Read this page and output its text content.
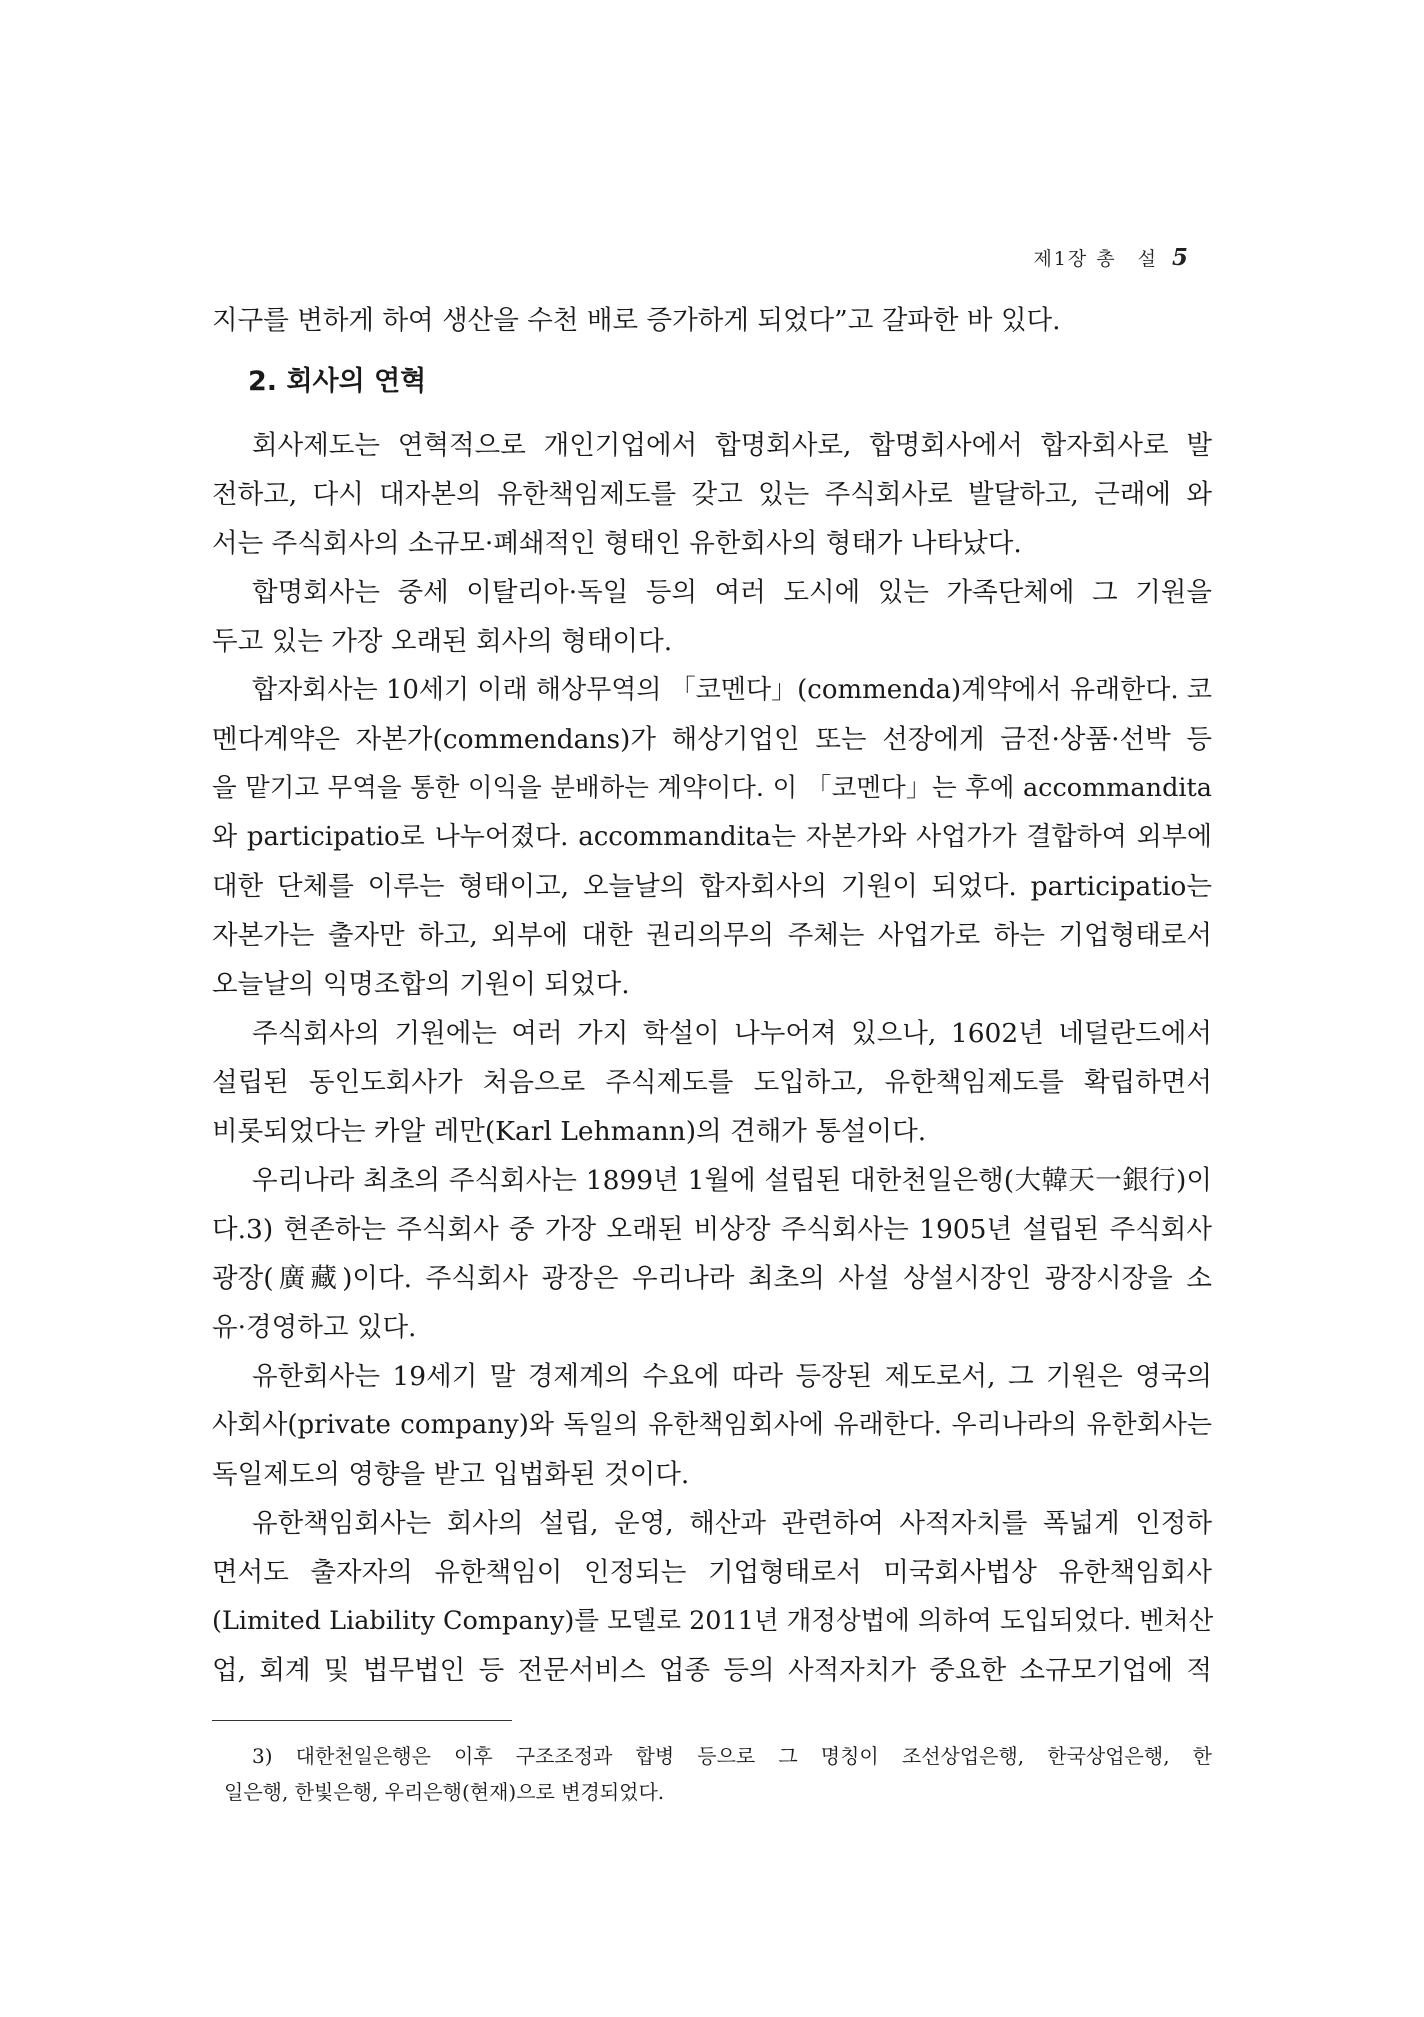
제1장 총　설 5
지구를 변하게 하여 생산을 수천 배로 증가하게 되었다”고 갈파한 바 있다.
2. 회사의 연혁
회사제도는 연혁적으로 개인기업에서 합명회사로, 합명회사에서 합자회사로 발
전하고, 다시 대자본의 유한책임제도를 갖고 있는 주식회사로 발달하고, 근래에 와
서는 주식회사의 소규모·폐쇄적인 형태인 유한회사의 형태가 나타났다.
합명회사는 중세 이탈리아·독일 등의 여러 도시에 있는 가족단체에 그 기원을
두고 있는 가장 오래된 회사의 형태이다.
합자회사는 10세기 이래 해상무역의 「코멘다」(commenda)계약에서 유래한다. 코
멘다계약은 자본가(commendans)가 해상기업인 또는 선장에게 금전·상품·선박 등
을 맡기고 무역을 통한 이익을 분배하는 계약이다. 이 「코멘다」는 후에 accommandita
와 participatio로 나누어졌다. accommandita는 자본가와 사업가가 결합하여 외부에
대한 단체를 이루는 형태이고, 오늘날의 합자회사의 기원이 되었다. participatio는
자본가는 출자만 하고, 외부에 대한 권리의무의 주체는 사업가로 하는 기업형태로서
오늘날의 익명조합의 기원이 되었다.
주식회사의 기원에는 여러 가지 학설이 나누어져 있으나, 1602년 네덜란드에서
설립된 동인도회사가 처음으로 주식제도를 도입하고, 유한책임제도를 확립하면서
비롯되었다는 카알 레만(Karl Lehmann)의 견해가 통설이다.
우리나라 최초의 주식회사는 1899년 1월에 설립된 대한천일은행(大韓天一銀行)이
다.3) 현존하는 주식회사 중 가장 오래된 비상장 주식회사는 1905년 설립된 주식회사
광장(廣藏)이다. 주식회사 광장은 우리나라 최초의 사설 상설시장인 광장시장을 소
유·경영하고 있다.
유한회사는 19세기 말 경제계의 수요에 따라 등장된 제도로서, 그 기원은 영국의
사회사(private company)와 독일의 유한책임회사에 유래한다. 우리나라의 유한회사는
독일제도의 영향을 받고 입법화된 것이다.
유한책임회사는 회사의 설립, 운영, 해산과 관련하여 사적자치를 폭넓게 인정하
면서도 출자자의 유한책임이 인정되는 기업형태로서 미국회사법상 유한책임회사
(Limited Liability Company)를 모델로 2011년 개정상법에 의하여 도입되었다. 벤처산
업, 회계 및 법무법인 등 전문서비스 업종 등의 사적자치가 중요한 소규모기업에 적
3) 대한천일은행은 이후 구조조정과 합병 등으로 그 명칭이 조선상업은행, 한국상업은행, 한
일은행, 한빛은행, 우리은행(현재)으로 변경되었다.
